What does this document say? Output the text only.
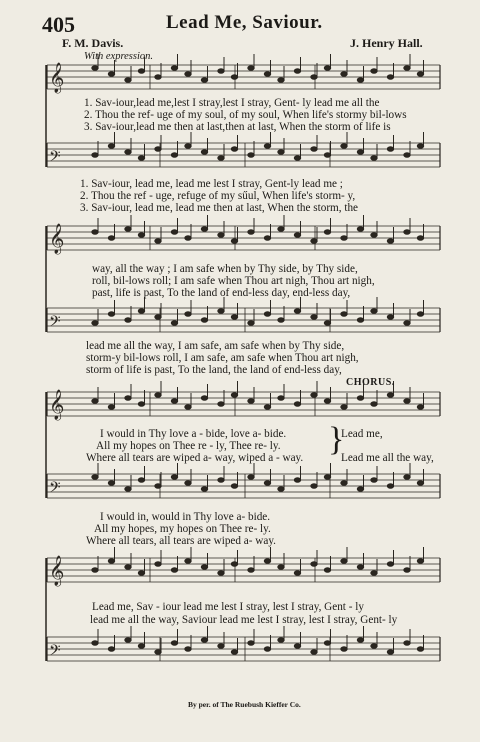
405	Lead Me, Saviour.
F. M. Davis.	J. Henry Hall.
With expression.
𝄞
𝄢
𝄞
𝄢
𝄞
𝄢
𝄞
𝄢
1. Sav-iour,lead me,lest I stray,lest I stray, Gent- ly lead me all the
2. Thou the ref- uge of my soul, of my soul, When life's stormy bil-lows
3. Sav-iour,lead me then at last,then at last, When the storm of life is
1. Sav-iour, lead me, lead me lest I stray, Gent-ly lead me ;
2. Thou the ref - uge, refuge of my sűul, When life's storm- y,
3. Sav-iour, lead me, lead me then at last, When the storm, the
way, all the way ; I am safe when by Thy side, by Thy side,
roll, bil-lows roll; I am safe when Thou art nigh, Thou art nigh,
past, life is past, To the land of end-less day, end-less day,
lead me all the way, I am safe, am safe when by Thy side,
storm-y bil-lows roll, I am safe, am safe when Thou art nigh,
storm of life is past, To the land, the land of end-less day,
CHORUS.
I would in Thy love a - bide, love a- bide.
All my hopes on Thee re - ly, Thee re- ly.
Where all tears are wiped a- way, wiped a - way. }
Lead me,
Lead me all the way,
I would in, would in Thy love a- bide.
All my hopes, my hopes on Thee re- ly.
Where all tears, all tears are wiped a- way.
Lead me, Sav - iour lead me lest I stray, lest I stray, Gent - ly
lead me all the way, Saviour lead me lest I stray, lest I stray, Gent- ly
By per. of The Ruebush Kieffer Co.
